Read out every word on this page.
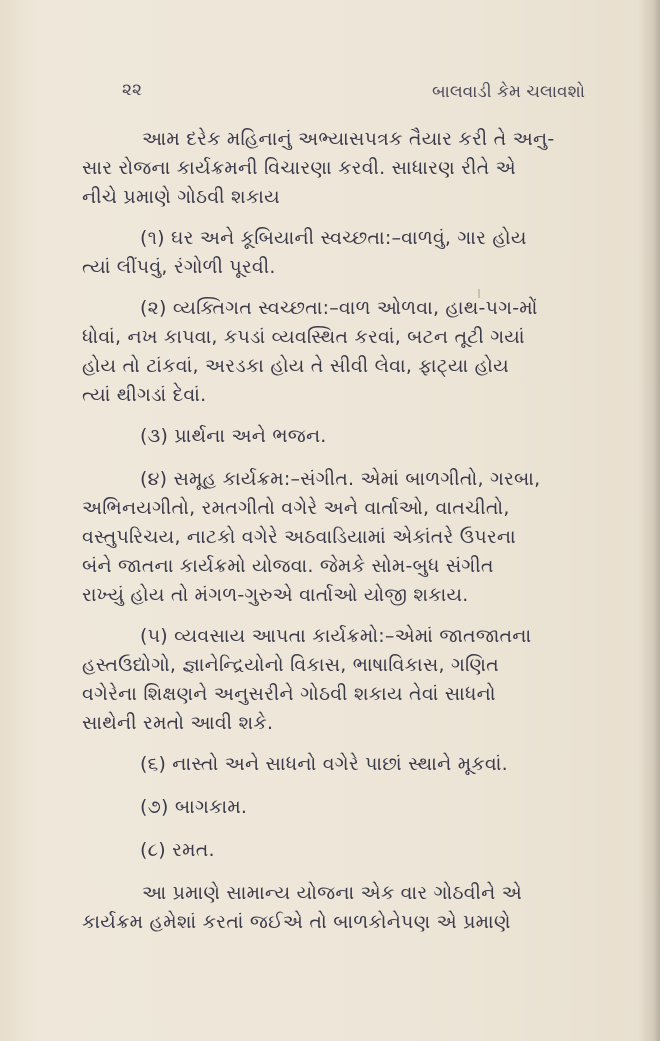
૨૨	બાલવાડી કેમ ચલાવશો
આમ દરેક મહિનાનું અભ્યાસપત્રક તૈયાર કરી તે અનુ-
સાર રોજના કાર્યક્રમની વિચારણા કરવી. સાધારણ રીતે એ
નીચે પ્રમાણે ગોઠવી શકાય
(૧) ઘર અને કૂબિયાની સ્વચ્છતા:–વાળવું, ગાર હોય
ત્યાં લીંપવું, રંગોળી પૂરવી.
(૨) વ્યક્તિગત સ્વચ્છતા:–વાળ ઓળવા, હાથ-પગ-મોં
ધોવાં, નખ કાપવા, કપડાં વ્યવસ્થિત કરવાં, બટન તૂટી ગયાં
હોય તો ટાંકવાં, અરડકા હોય તે સીવી લેવા, ફાટ્યા હોય
ત્યાં થીગડાં દેવાં.
(૩) પ્રાર્થના અને ભજન.
(૪) સમૂહ કાર્યક્રમ:–સંગીત. એમાં બાળગીતો, ગરબા,
અભિનયગીતો, રમતગીતો વગેરે અને વાર્તાઓ, વાતચીતો,
વસ્તુપરિચય, નાટકો વગેરે અઠવાડિયામાં એકાંતરે ઉપરના
બંને જાતના કાર્યક્રમો યોજવા. જેમકે સોમ-બુધ સંગીત
રાખ્યું હોય તો મંગળ-ગુરુએ વાર્તાઓ યોજી શકાય.
(૫) વ્યવસાય આપતા કાર્યક્રમો:–એમાં જાતજાતના
હસ્તઉદ્યોગો, જ્ઞાનેન્દ્રિયોનો વિકાસ, ભાષાવિકાસ, ગણિત
વગેરેના શિક્ષણને અનુસરીને ગોઠવી શકાય તેવાં સાધનો
સાથેની રમતો આવી શકે.
(૬) નાસ્તો અને સાધનો વગેરે પાછાં સ્થાને મૂકવાં.
(૭) બાગકામ.
(૮) રમત.
આ પ્રમાણે સામાન્ય યોજના એક વાર ગોઠવીને એ
કાર્યક્રમ હમેશાં કરતાં જઈએ તો બાળકોનેપણ એ પ્રમાણે
